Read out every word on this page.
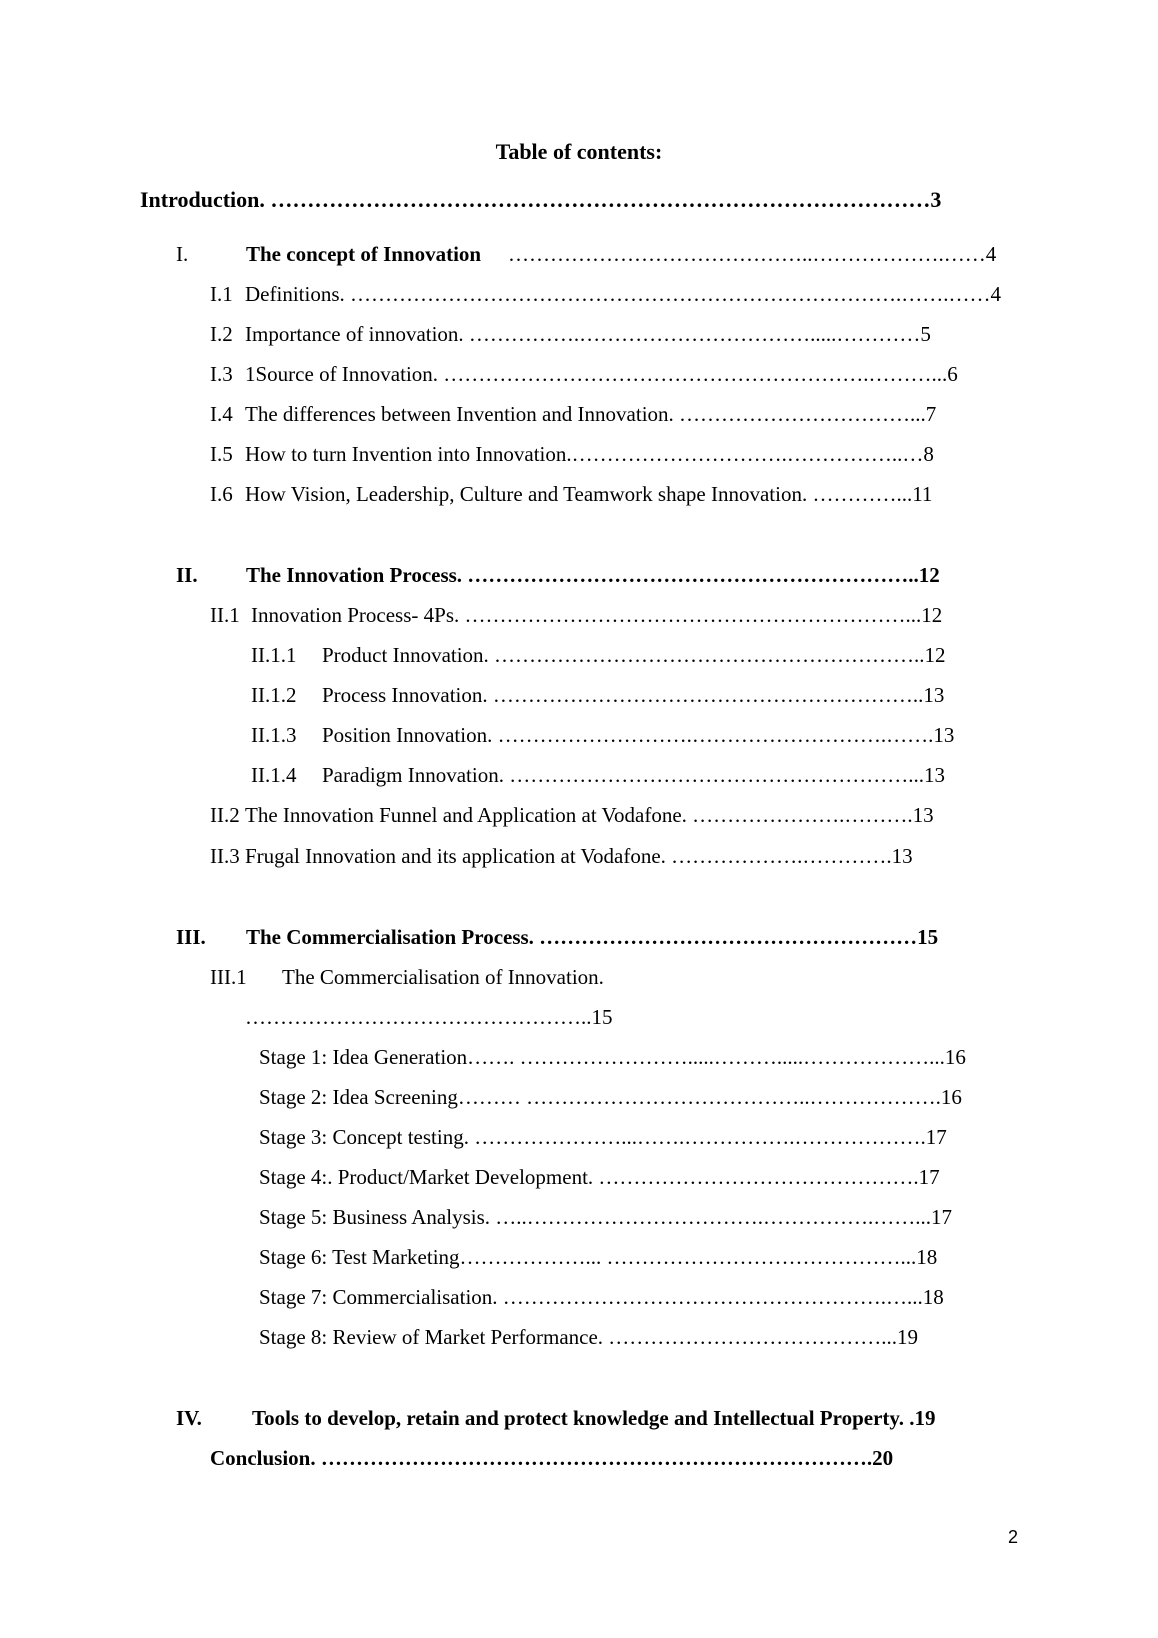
Table of contents:
Introduction. ………………………………………………………………………………3
I.	The concept of Innovation ……………………………………..……………….……4
I.1 Definitions. …………………………………………………………………….…….……4
I.2 Importance of innovation. …………….…………………………….....…………5
I.3 1Source of Innovation. …………………………………………………….………...6
I.4 The differences between Invention and Innovation. ……………………………...7
I.5 How to turn Invention into Innovation.………………………….……………..…8
I.6 How Vision, Leadership, Culture and Teamwork shape Innovation. …………...11
II. The Innovation Process. ………………………………………………………..12
II.1 Innovation Process- 4Ps. ………………………………………………………...12
II.1.1 Product Innovation. ……………………………………………………..12
II.1.2 Process Innovation. ……………………………………………………..13
II.1.3 Position Innovation. ……………………….……………………….…….13
II.1.4 Paradigm Innovation. …………………………………………………...13
II.2 The Innovation Funnel and Application at Vodafone. ………………….……….13
II.3 Frugal Innovation and its application at Vodafone. ……………….………….13
III. The Commercialisation Process. ………………………………………………15
III.1 The Commercialisation of Innovation.
…………………………………………..15
Stage 1: Idea Generation……. …………………….....……….....………………...16
Stage 2: Idea Screening……… …………………………………..……………….16
Stage 3: Concept testing. …………………...…….…………….……………….17
Stage 4:. Product/Market Development. ……………………………………….17
Stage 5: Business Analysis. …..…………………………….…………….……...17
Stage 6: Test Marketing………………... ……………………………………...18
Stage 7: Commercialisation. ……………………………………………….…...18
Stage 8: Review of Market Performance. …………………………………...19
IV. Tools to develop, retain and protect knowledge and Intellectual Property. .19
Conclusion. …………………………………………………………………….20
2
